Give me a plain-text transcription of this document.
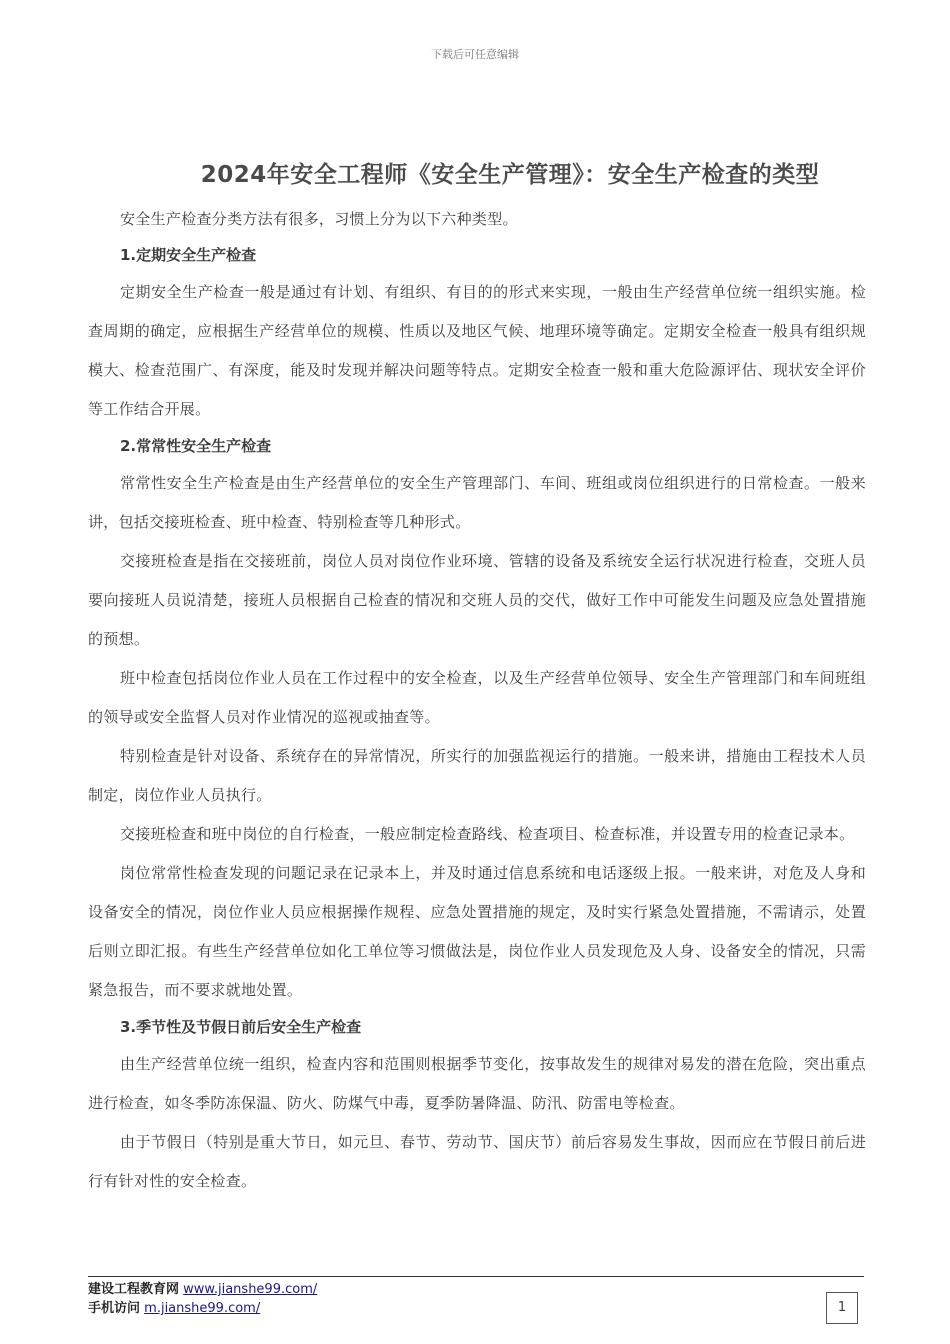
下载后可任意编辑
2024年安全工程师《安全生产管理》：安全生产检查的类型

安全生产检查分类方法有很多，习惯上分为以下六种类型。

1.定期安全生产检查

定期安全生产检查一般是通过有计划、有组织、有目的的形式来实现，一般由生产经营单位统一组织实施。检查周期的确定，应根据生产经营单位的规模、性质以及地区气候、地理环境等确定。定期安全检查一般具有组织规模大、检查范围广、有深度，能及时发现并解决问题等特点。定期安全检查一般和重大危险源评估、现状安全评价等工作结合开展。

2.常常性安全生产检查

常常性安全生产检查是由生产经营单位的安全生产管理部门、车间、班组或岗位组织进行的日常检查。一般来讲，包括交接班检查、班中检查、特别检查等几种形式。

交接班检查是指在交接班前，岗位人员对岗位作业环境、管辖的设备及系统安全运行状况进行检查，交班人员要向接班人员说清楚，接班人员根据自己检查的情况和交班人员的交代，做好工作中可能发生问题及应急处置措施的预想。

班中检查包括岗位作业人员在工作过程中的安全检查，以及生产经营单位领导、安全生产管理部门和车间班组的领导或安全监督人员对作业情况的巡视或抽查等。

特别检查是针对设备、系统存在的异常情况，所实行的加强监视运行的措施。一般来讲，措施由工程技术人员制定，岗位作业人员执行。

交接班检查和班中岗位的自行检查，一般应制定检查路线、检查项目、检查标准，并设置专用的检查记录本。

岗位常常性检查发现的问题记录在记录本上，并及时通过信息系统和电话逐级上报。一般来讲，对危及人身和设备安全的情况，岗位作业人员应根据操作规程、应急处置措施的规定，及时实行紧急处置措施，不需请示，处置后则立即汇报。有些生产经营单位如化工单位等习惯做法是，岗位作业人员发现危及人身、设备安全的情况，只需紧急报告，而不要求就地处置。

3.季节性及节假日前后安全生产检查

由生产经营单位统一组织，检查内容和范围则根据季节变化，按事故发生的规律对易发的潜在危险，突出重点进行检查，如冬季防冻保温、防火、防煤气中毒，夏季防暑降温、防汛、防雷电等检查。

由于节假日（特别是重大节日，如元旦、春节、劳动节、国庆节）前后容易发生事故，因而应在节假日前后进行有针对性的安全检查。

建设工程教育网 www.jianshe99.com/
手机访问 m.jianshe99.com/	1
